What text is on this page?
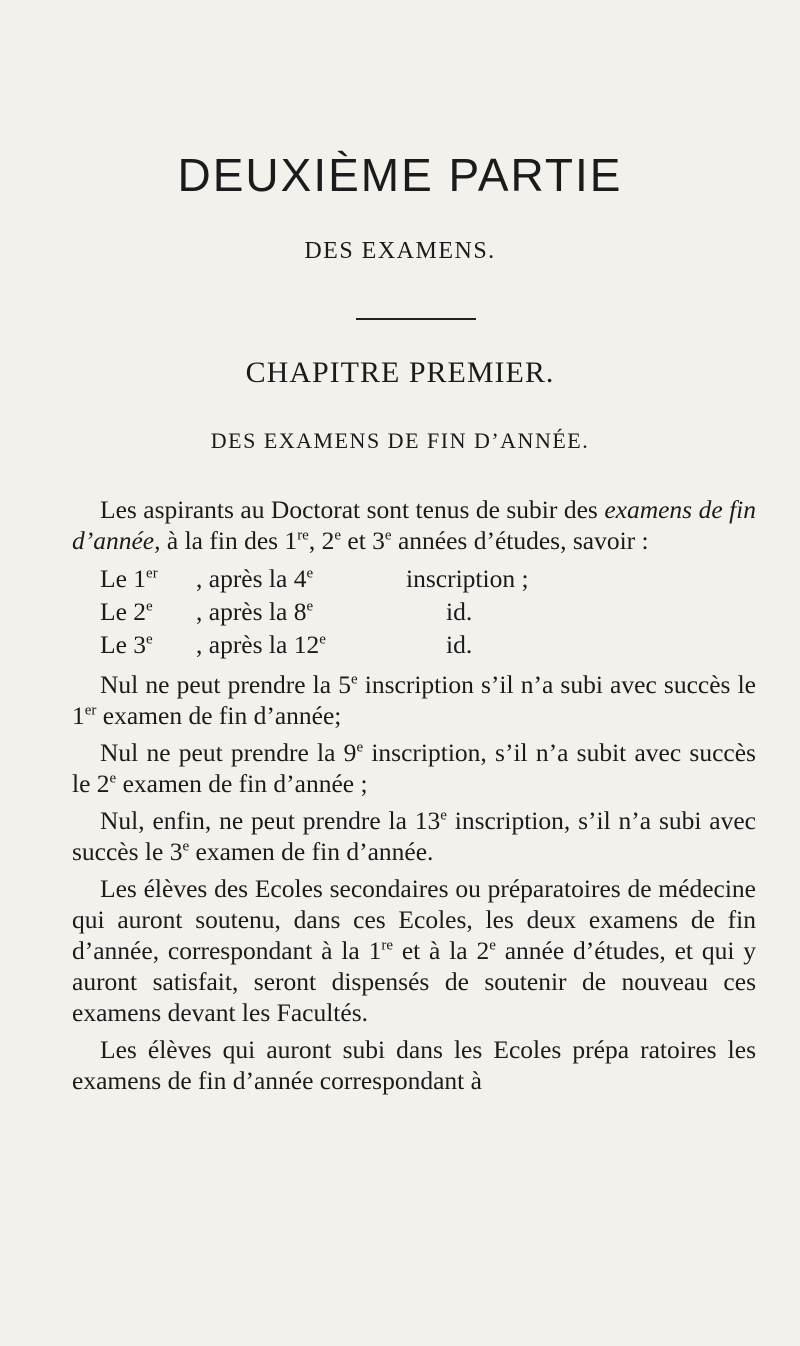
DEUXIÈME PARTIE
DES EXAMENS.
CHAPITRE PREMIER.
DES EXAMENS DE FIN D’ANNÉE.

Les aspirants au Doctorat sont tenus de subir des examens de fin d’année, à la fin des 1re, 2e et 3e années d’études, savoir :

Le 1er	, après la 4e	inscription ;
Le 2e	, après la 8e	id.
Le 3e	, après la 12e	id.

Nul ne peut prendre la 5e inscription s’il n’a subi avec succès le 1er examen de fin d’année;

Nul ne peut prendre la 9e inscription, s’il n’a subit avec succès le 2e examen de fin d’année ;

Nul, enfin, ne peut prendre la 13e inscription, s’il n’a subi avec succès le 3e examen de fin d’année.

Les élèves des Ecoles secondaires ou préparatoires de médecine qui auront soutenu, dans ces Ecoles, les deux examens de fin d’année, correspondant à la 1re et à la 2e année d’études, et qui y auront satisfait, seront dispensés de soutenir de nouveau ces examens devant les Facultés.

Les élèves qui auront subi dans les Ecoles prépa ratoires les examens de fin d’année correspondant à
